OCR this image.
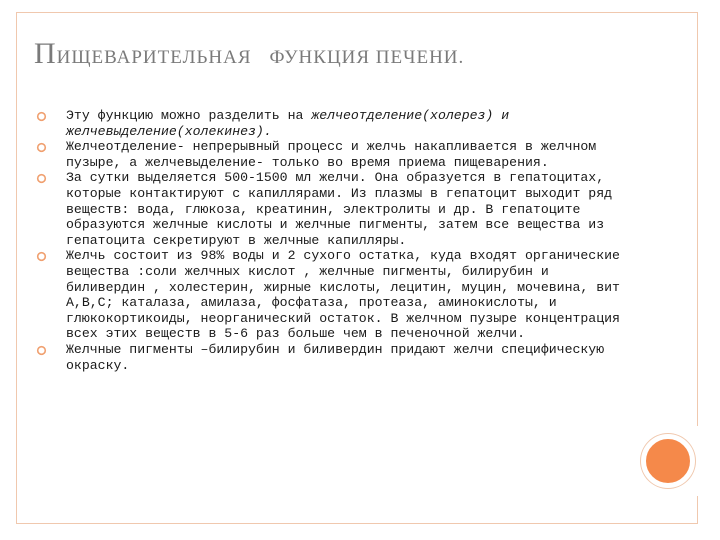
ПИЩЕВАРИТЕЛЬНАЯ ФУНКЦИЯ ПЕЧЕНИ.
Эту функцию можно разделить на желчеотделение(холерез) и желчевыделение(холекинез).
Желчеотделение- непрерывный процесс и желчь накапливается в желчном пузыре, а желчевыделение- только во время приема пищеварения.
За сутки выделяется 500-1500 мл желчи. Она образуется в гепатоцитах, которые контактируют с капиллярами. Из плазмы в гепатоцит выходит ряд веществ: вода, глюкоза, креатинин, электролиты и др. В гепатоците образуются желчные кислоты и желчные пигменты, затем все вещества из гепатоцита секретируют в желчные капилляры.
Желчь состоит из 98% воды и 2 сухого остатка, куда входят органические вещества :соли желчных кислот , желчные пигменты, билирубин и биливердин , холестерин, жирные кислоты, лецитин, муцин, мочевина, вит А,В,С; каталаза, амилаза, фосфатаза, протеаза, аминокислоты, и глюкокортикоиды, неорганический остаток. В желчном пузыре концентрация всех этих веществ в 5-6 раз больше чем в печеночной желчи.
Желчные пигменты –билирубин и биливердин придают желчи специфическую окраску.
